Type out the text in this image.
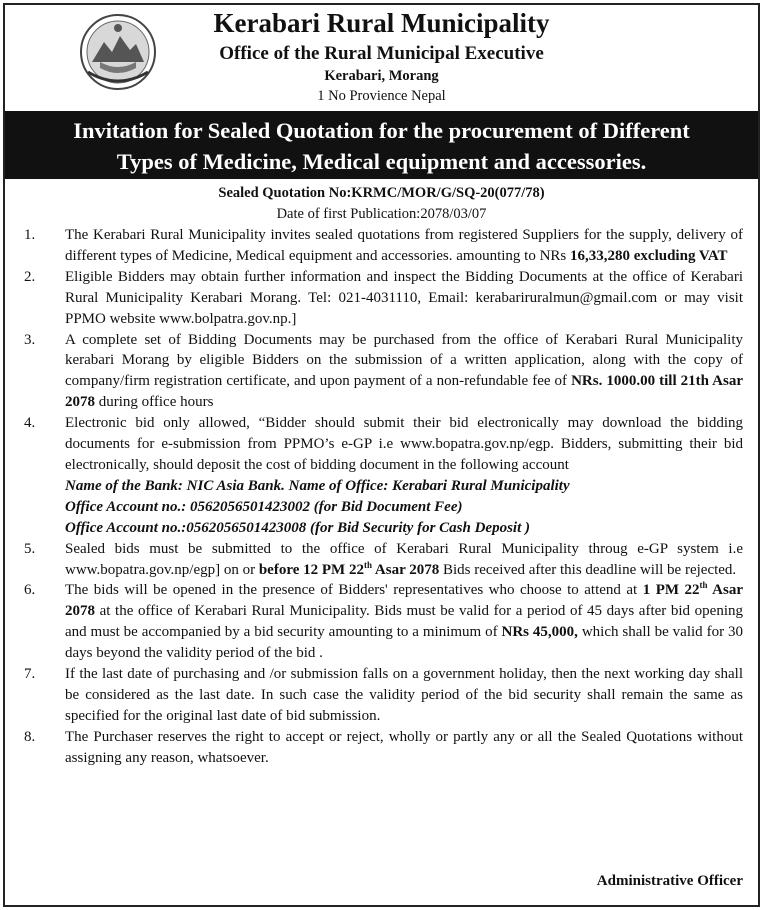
Kerabari Rural Municipality
Office of the Rural Municipal Executive
Kerabari, Morang
1 No Provience Nepal
Invitation for Sealed Quotation for the procurement of Different
Types of Medicine, Medical equipment and accessories.
Sealed Quotation No:KRMC/MOR/G/SQ-20(077/78)
Date of first Publication:2078/03/07
1. The Kerabari Rural Municipality invites sealed quotations from registered Suppliers for the supply, delivery of different types of Medicine, Medical equipment and accessories. amounting to NRs 16,33,280 excluding VAT
2. Eligible Bidders may obtain further information and inspect the Bidding Documents at the office of Kerabari Rural Municipality Kerabari Morang. Tel: 021-4031110, Email: kerabariruralmun@gmail.com or may visit PPMO website www.bolpatra.gov.np.]
3. A complete set of Bidding Documents may be purchased from the office of Kerabari Rural Municipality kerabari Morang by eligible Bidders on the submission of a written application, along with the copy of company/firm registration certificate, and upon payment of a non-refundable fee of NRs. 1000.00 till 21th Asar 2078 during office hours
4. Electronic bid only allowed, “Bidder should submit their bid electronically may download the bidding documents for e-submission from PPMO’s e-GP i.e www.bopatra.gov.np/egp. Bidders, submitting their bid electronically, should deposit the cost of bidding document in the following account
Name of the Bank: NIC Asia Bank. Name of Office: Kerabari Rural Municipality
Office Account no.: 0562056501423002 (for Bid Document Fee)
Office Account no.:0562056501423008 (for Bid Security for Cash Deposit )
5. Sealed bids must be submitted to the office of Kerabari Rural Municipality throug e-GP system i.e www.bopatra.gov.np/egp] on or before 12 PM 22th Asar 2078 Bids received after this deadline will be rejected.
6. The bids will be opened in the presence of Bidders' representatives who choose to attend at 1 PM 22th Asar 2078 at the office of Kerabari Rural Municipality. Bids must be valid for a period of 45 days after bid opening and must be accompanied by a bid security amounting to a minimum of NRs 45,000, which shall be valid for 30 days beyond the validity period of the bid .
7. If the last date of purchasing and /or submission falls on a government holiday, then the next working day shall be considered as the last date. In such case the validity period of the bid security shall remain the same as specified for the original last date of bid submission.
8. The Purchaser reserves the right to accept or reject, wholly or partly any or all the Sealed Quotations without assigning any reason, whatsoever.
Administrative Officer
